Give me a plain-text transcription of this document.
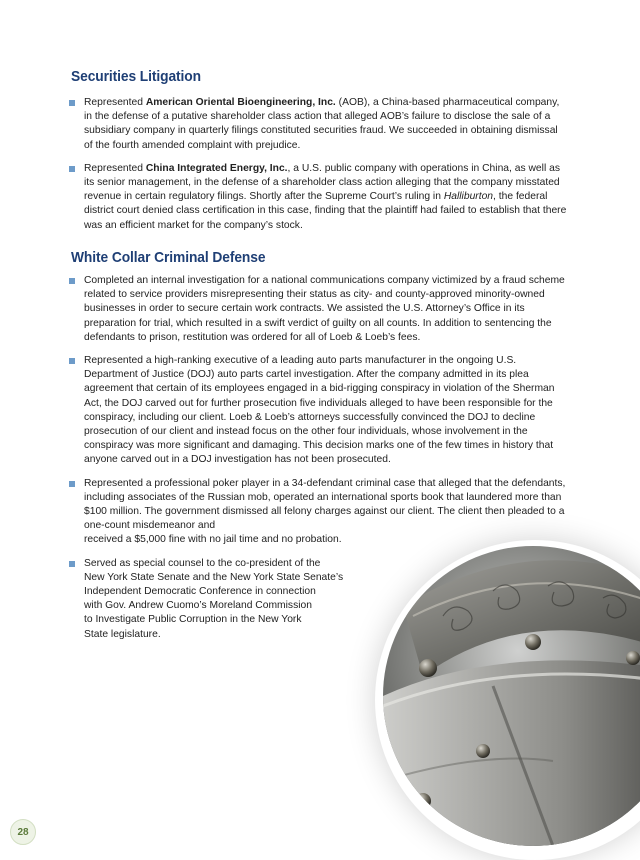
Securities Litigation
Represented American Oriental Bioengineering, Inc. (AOB), a China-based pharmaceutical company, in the defense of a putative shareholder class action that alleged AOB’s failure to disclose the sale of a subsidiary company in quarterly filings constituted securities fraud. We succeeded in obtaining dismissal of the fourth amended complaint with prejudice.
Represented China Integrated Energy, Inc., a U.S. public company with operations in China, as well as its senior management, in the defense of a shareholder class action alleging that the company misstated revenue in certain regulatory filings. Shortly after the Supreme Court’s ruling in Halliburton, the federal district court denied class certification in this case, finding that the plaintiff had failed to establish that there was an efficient market for the company’s stock.
White Collar Criminal Defense
Completed an internal investigation for a national communications company victimized by a fraud scheme related to service providers misrepresenting their status as city- and county-approved minority-owned businesses in order to secure certain work contracts. We assisted the U.S. Attorney’s Office in its preparation for trial, which resulted in a swift verdict of guilty on all counts. In addition to sentencing the defendants to prison, restitution was ordered for all of Loeb & Loeb’s fees.
Represented a high-ranking executive of a leading auto parts manufacturer in the ongoing U.S. Department of Justice (DOJ) auto parts cartel investigation. After the company admitted in its plea agreement that certain of its employees engaged in a bid-rigging conspiracy in violation of the Sherman Act, the DOJ carved out for further prosecution five individuals alleged to have been responsible for the conspiracy, including our client. Loeb & Loeb’s attorneys successfully convinced the DOJ to decline prosecution of our client and instead focus on the other four individuals, whose involvement in the conspiracy was more significant and damaging. This decision marks one of the few times in history that anyone carved out in a DOJ investigation has not been prosecuted.
Represented a professional poker player in a 34-defendant criminal case that alleged that the defendants, including associates of the Russian mob, operated an international sports book that laundered more than $100 million. The government dismissed all felony charges against our client. The client then pleaded to a one-count misdemeanor and
received a $5,000 fine with no jail time and no probation.
Served as special counsel to the co-president of the
New York State Senate and the New York State Senate’s
Independent Democratic Conference in connection
with Gov. Andrew Cuomo’s Moreland Commission
to Investigate Public Corruption in the New York
State legislature.
28
